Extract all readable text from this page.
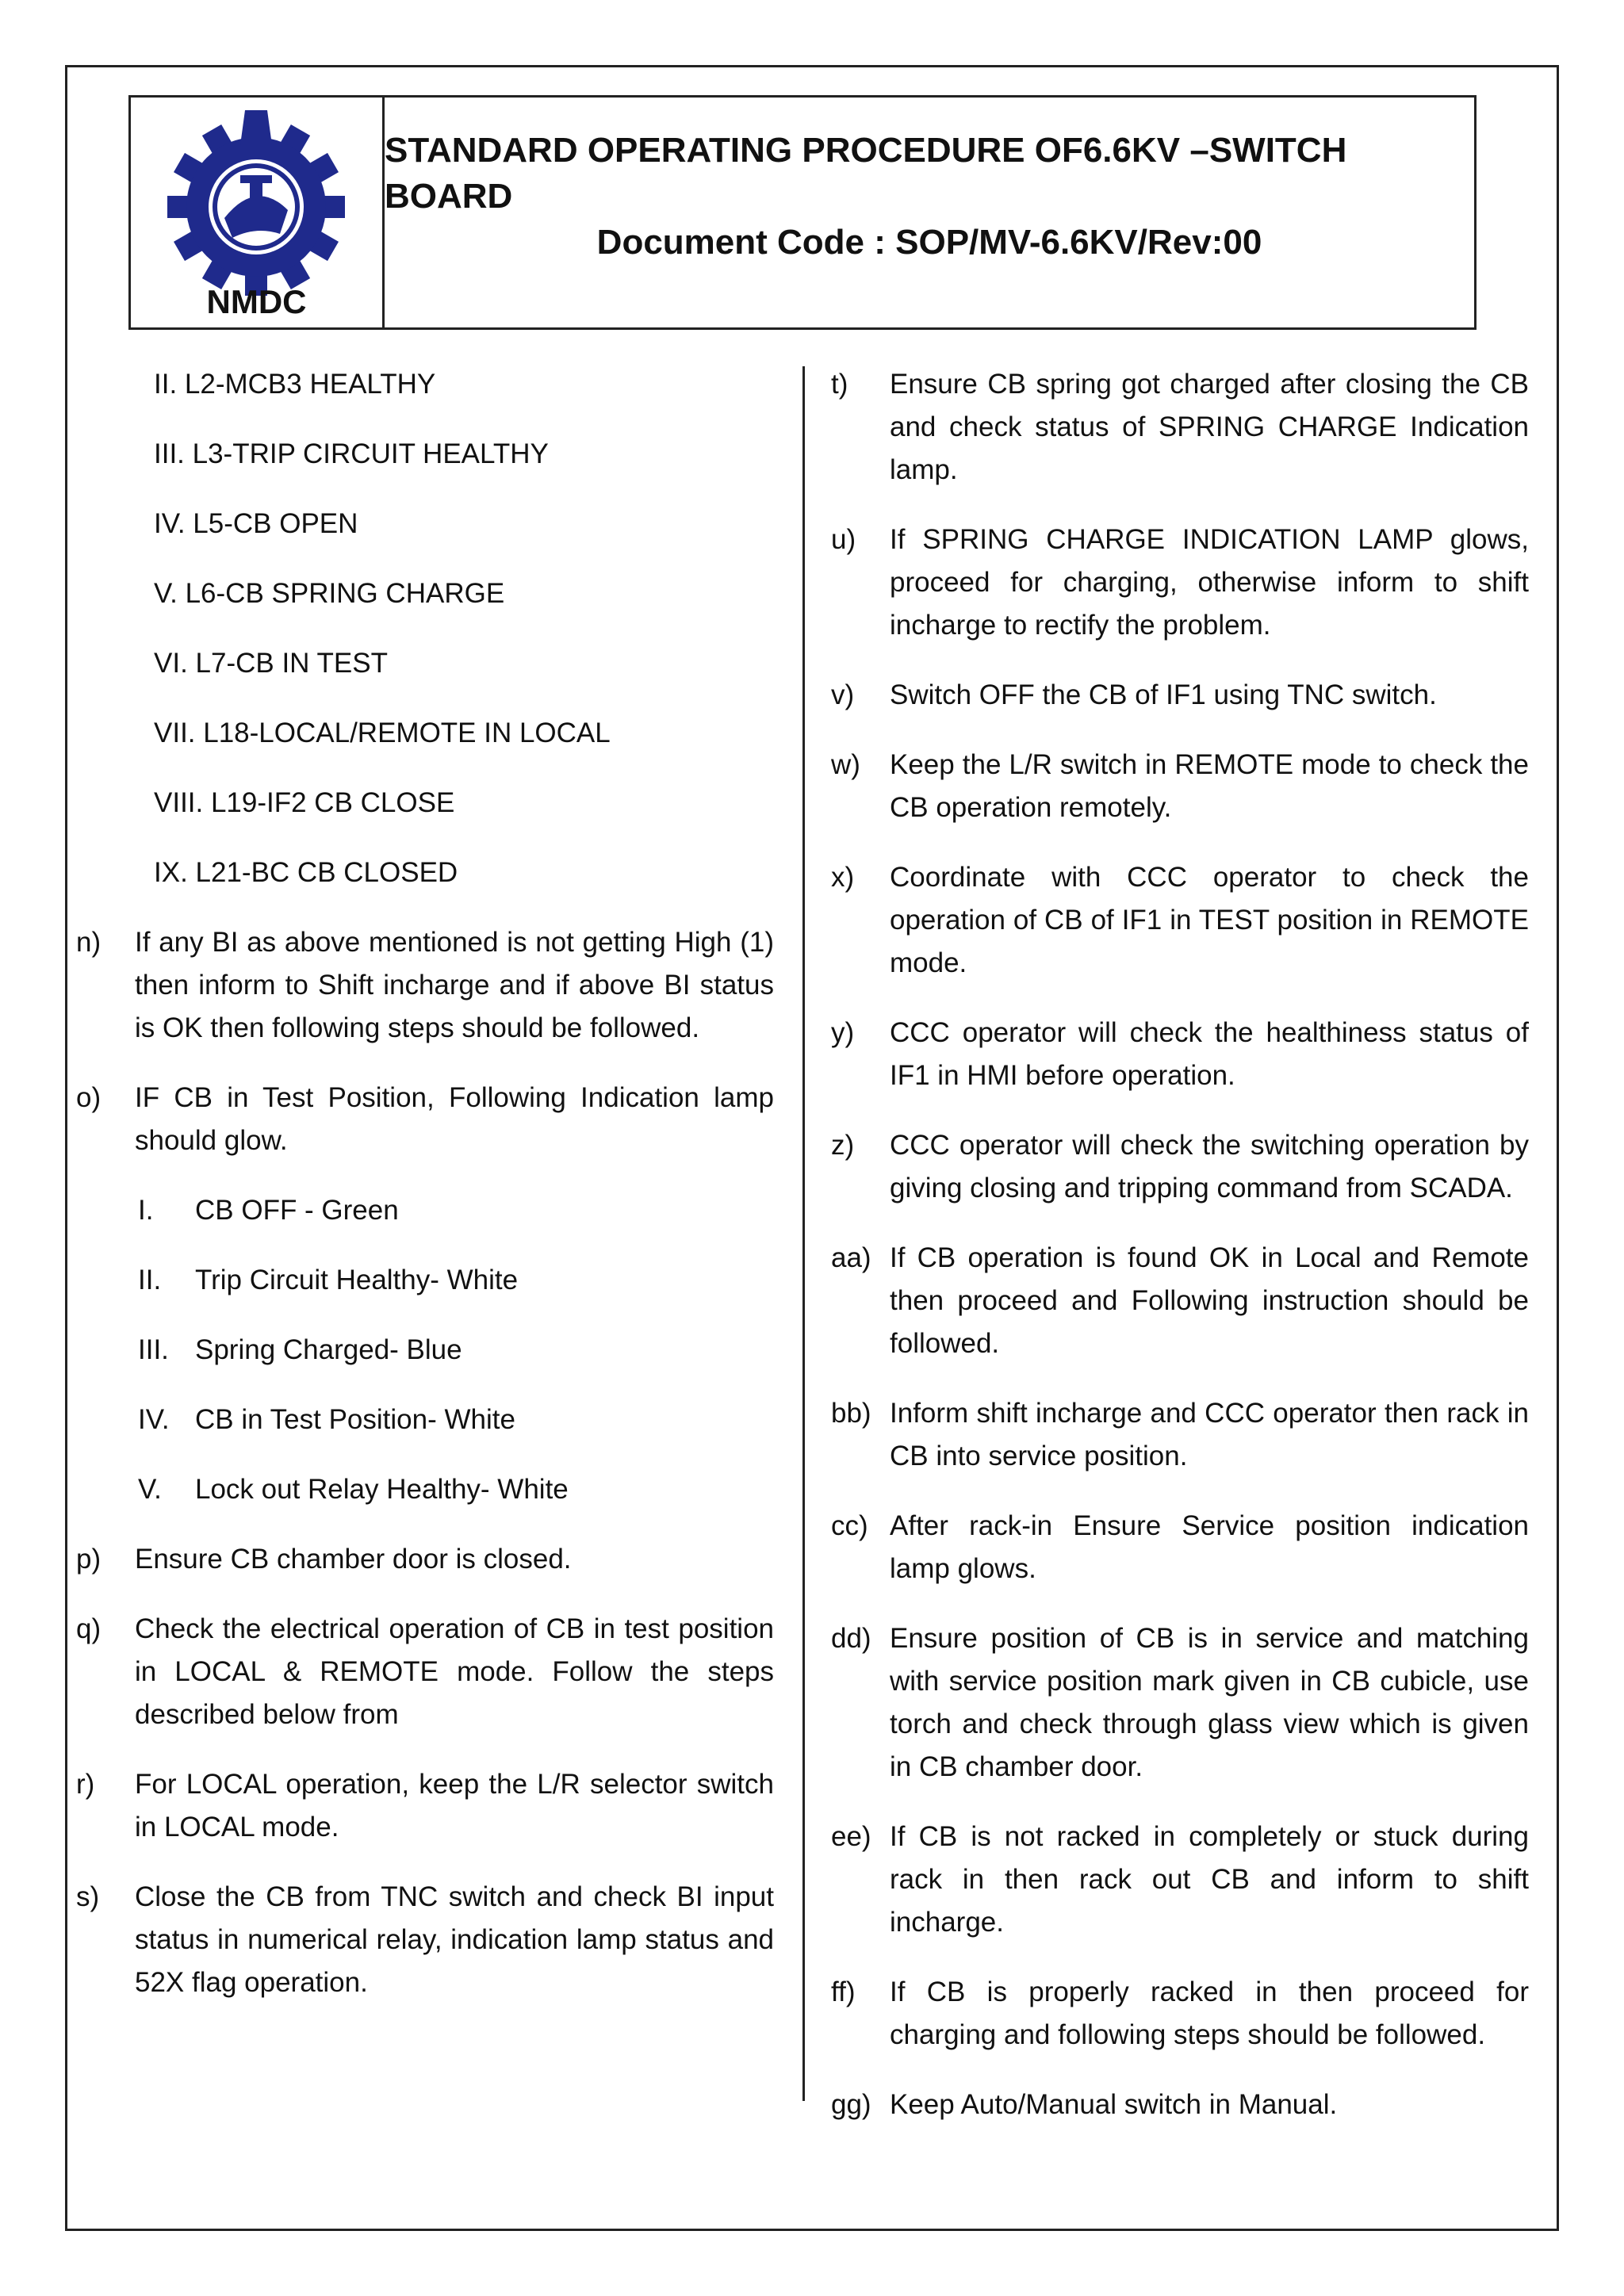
NMDC
STANDARD OPERATING PROCEDURE OF6.6KV –SWITCH BOARD
Document Code : SOP/MV-6.6KV/Rev:00
II. L2-MCB3 HEALTHY
III. L3-TRIP CIRCUIT HEALTHY
IV. L5-CB OPEN
V. L6-CB SPRING CHARGE
VI. L7-CB IN TEST
VII. L18-LOCAL/REMOTE IN LOCAL
VIII. L19-IF2 CB CLOSE
IX. L21-BC CB CLOSED
n)	If any BI as above mentioned is not getting High (1) then inform to Shift incharge and if above BI status is OK then following steps should be followed.
o)	IF CB in Test Position, Following Indication lamp should glow.
I.	CB OFF - Green
II.	Trip Circuit Healthy- White
III. Spring Charged- Blue
IV. CB in Test Position- White
V.	Lock out Relay Healthy- White
p)	Ensure CB chamber door is closed.
q)	Check the electrical operation of CB in test position in LOCAL & REMOTE mode. Follow the steps described below from
r)	For LOCAL operation, keep the L/R selector switch in LOCAL mode.
s)	Close the CB from TNC switch and check BI input status in numerical relay, indication lamp status and 52X flag operation.
t)	Ensure CB spring got charged after closing the CB and check status of SPRING CHARGE Indication lamp.
u)	If SPRING CHARGE INDICATION LAMP glows, proceed for charging, otherwise inform to shift incharge to rectify the problem.
v)	Switch OFF the CB of IF1 using TNC switch.
w)	Keep the L/R switch in REMOTE mode to check the CB operation remotely.
x)	Coordinate with CCC operator to check the operation of CB of IF1 in TEST position in REMOTE mode.
y)	CCC operator will check the healthiness status of IF1 in HMI before operation.
z)	CCC operator will check the switching operation by giving closing and tripping command from SCADA.
aa) If CB operation is found OK in Local and Remote then proceed and Following instruction should be followed.
bb) Inform shift incharge and CCC operator then rack in CB into service position.
cc) After rack-in Ensure Service position indication lamp glows.
dd) Ensure position of CB is in service and matching with service position mark given in CB cubicle, use torch and check through glass view which is given in CB chamber door.
ee) If CB is not racked in completely or stuck during rack in then rack out CB and inform to shift incharge.
ff)	If CB is properly racked in then proceed for charging and following steps should be followed.
gg) Keep Auto/Manual switch in Manual.
